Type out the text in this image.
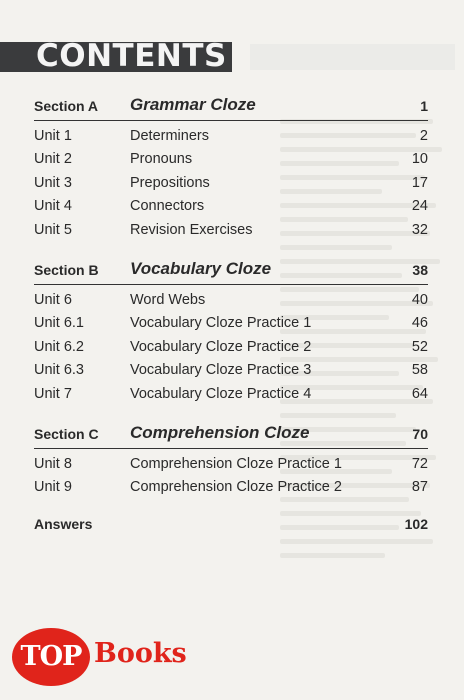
CONTENTS
Section A Grammar Cloze	1
Unit 1	Determiners	2
Unit 2	Pronouns	10
Unit 3	Prepositions	17
Unit 4	Connectors	24
Unit 5	Revision Exercises	32
Section B Vocabulary Cloze	38
Unit 6	Word Webs	40
Unit 6.1	Vocabulary Cloze Practice 1	46
Unit 6.2	Vocabulary Cloze Practice 2	52
Unit 6.3	Vocabulary Cloze Practice 3	58
Unit 7	Vocabulary Cloze Practice 4	64
Section C Comprehension Cloze	70
Unit 8	Comprehension Cloze Practice 1	72
Unit 9	Comprehension Cloze Practice 2	87
Answers	102
TOP Books
